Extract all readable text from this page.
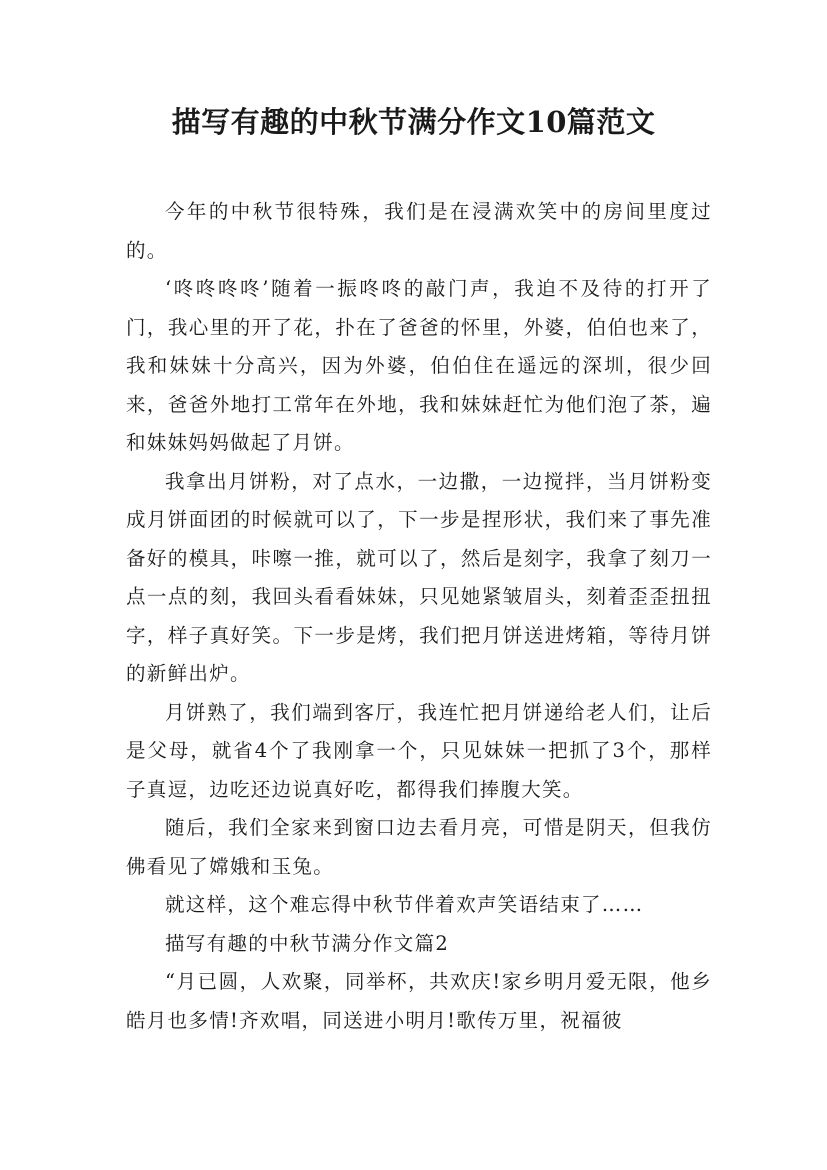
描写有趣的中秋节满分作文10篇范文

今年的中秋节很特殊，我们是在浸满欢笑中的房间里度过的。

‘咚咚咚咚’随着一振咚咚的敲门声，我迫不及待的打开了门，我心里的开了花，扑在了爸爸的怀里，外婆，伯伯也来了，我和妹妹十分高兴，因为外婆，伯伯住在遥远的深圳，很少回来，爸爸外地打工常年在外地，我和妹妹赶忙为他们泡了茶，遍和妹妹妈妈做起了月饼。

我拿出月饼粉，对了点水，一边撒，一边搅拌，当月饼粉变成月饼面团的时候就可以了，下一步是捏形状，我们来了事先准备好的模具，咔嚓一推，就可以了，然后是刻字，我拿了刻刀一点一点的刻，我回头看看妹妹，只见她紧皱眉头，刻着歪歪扭扭字，样子真好笑。下一步是烤，我们把月饼送进烤箱，等待月饼的新鲜出炉。

月饼熟了，我们端到客厅，我连忙把月饼递给老人们，让后是父母，就省4个了我刚拿一个，只见妹妹一把抓了3个，那样子真逗，边吃还边说真好吃，都得我们捧腹大笑。

随后，我们全家来到窗口边去看月亮，可惜是阴天，但我仿佛看见了嫦娥和玉兔。

就这样，这个难忘得中秋节伴着欢声笑语结束了……

描写有趣的中秋节满分作文篇2

“月已圆，人欢聚，同举杯，共欢庆!家乡明月爱无限，他乡皓月也多情!齐欢唱，同送进小明月!歌传万里，祝福彼
